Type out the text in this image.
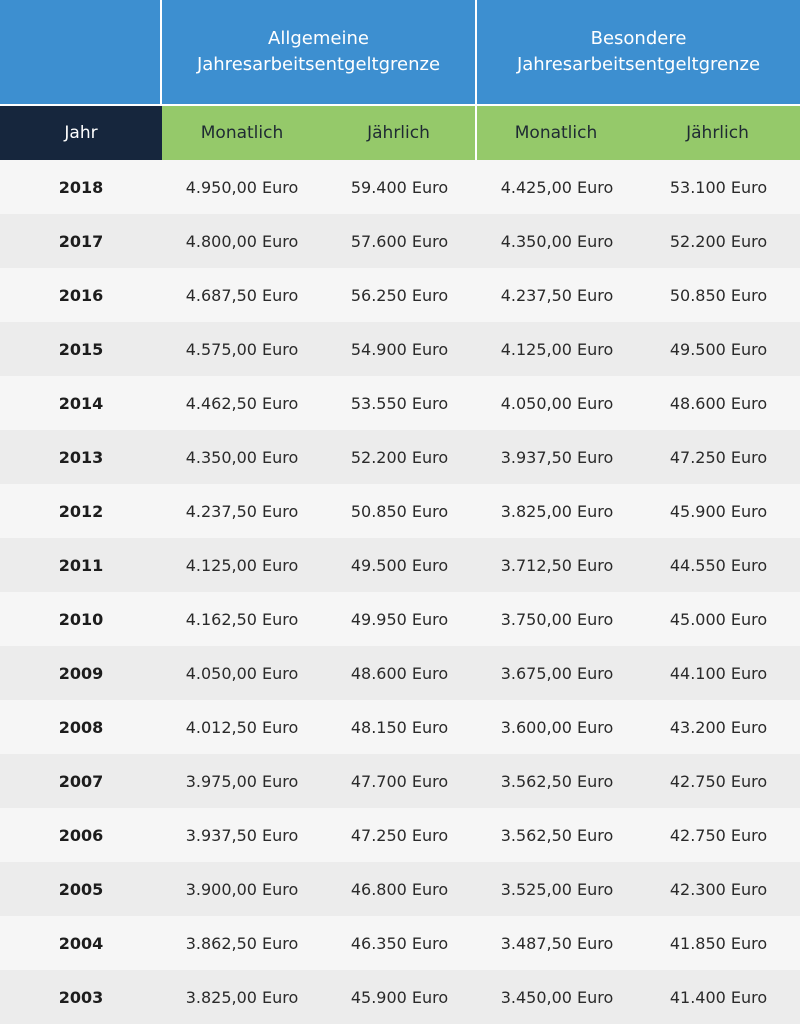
Allgemeine Jahresarbeitsentgeltgrenze
Besondere Jahresarbeitsentgeltgrenze
Jahr	Monatlich	Jährlich	Monatlich	Jährlich
2018	4.950,00 Euro	59.400 Euro	4.425,00 Euro	53.100 Euro
2017	4.800,00 Euro	57.600 Euro	4.350,00 Euro	52.200 Euro
2016	4.687,50 Euro	56.250 Euro	4.237,50 Euro	50.850 Euro
2015	4.575,00 Euro	54.900 Euro	4.125,00 Euro	49.500 Euro
2014	4.462,50 Euro	53.550 Euro	4.050,00 Euro	48.600 Euro
2013	4.350,00 Euro	52.200 Euro	3.937,50 Euro	47.250 Euro
2012	4.237,50 Euro	50.850 Euro	3.825,00 Euro	45.900 Euro
2011	4.125,00 Euro	49.500 Euro	3.712,50 Euro	44.550 Euro
2010	4.162,50 Euro	49.950 Euro	3.750,00 Euro	45.000 Euro
2009	4.050,00 Euro	48.600 Euro	3.675,00 Euro	44.100 Euro
2008	4.012,50 Euro	48.150 Euro	3.600,00 Euro	43.200 Euro
2007	3.975,00 Euro	47.700 Euro	3.562,50 Euro	42.750 Euro
2006	3.937,50 Euro	47.250 Euro	3.562,50 Euro	42.750 Euro
2005	3.900,00 Euro	46.800 Euro	3.525,00 Euro	42.300 Euro
2004	3.862,50 Euro	46.350 Euro	3.487,50 Euro	41.850 Euro
2003	3.825,00 Euro	45.900 Euro	3.450,00 Euro	41.400 Euro
